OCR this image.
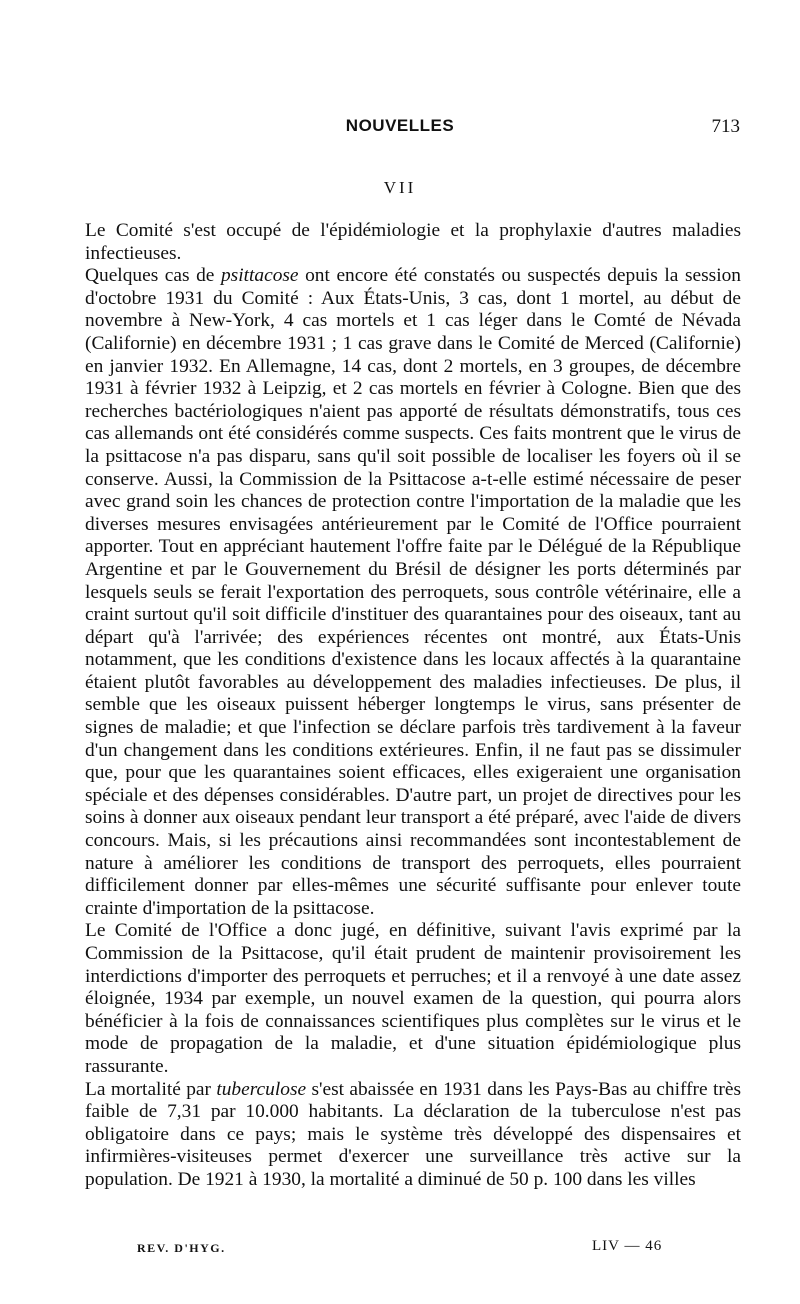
NOUVELLES	713
VII

Le Comité s'est occupé de l'épidémiologie et la prophylaxie d'autres maladies infectieuses.

Quelques cas de psittacose ont encore été constatés ou suspectés depuis la session d'octobre 1931 du Comité : Aux États-Unis, 3 cas, dont 1 mortel, au début de novembre à New-York, 4 cas mortels et 1 cas léger dans le Comté de Névada (Californie) en décembre 1931 ; 1 cas grave dans le Comité de Merced (Californie) en janvier 1932. En Allemagne, 14 cas, dont 2 mortels, en 3 groupes, de décembre 1931 à février 1932 à Leipzig, et 2 cas mortels en février à Cologne. Bien que des recherches bactériologiques n'aient pas apporté de résultats démonstratifs, tous ces cas allemands ont été considérés comme suspects. Ces faits montrent que le virus de la psittacose n'a pas disparu, sans qu'il soit possible de localiser les foyers où il se conserve. Aussi, la Commission de la Psittacose a-t-elle estimé nécessaire de peser avec grand soin les chances de protection contre l'importation de la maladie que les diverses mesures envisagées antérieurement par le Comité de l'Office pourraient apporter. Tout en appréciant hautement l'offre faite par le Délégué de la République Argentine et par le Gouvernement du Brésil de désigner les ports déterminés par lesquels seuls se ferait l'exportation des perroquets, sous contrôle vétérinaire, elle a craint surtout qu'il soit difficile d'instituer des quarantaines pour des oiseaux, tant au départ qu'à l'arrivée; des expériences récentes ont montré, aux États-Unis notamment, que les conditions d'existence dans les locaux affectés à la quarantaine étaient plutôt favorables au développement des maladies infectieuses. De plus, il semble que les oiseaux puissent héberger longtemps le virus, sans présenter de signes de maladie; et que l'infection se déclare parfois très tardivement à la faveur d'un changement dans les conditions extérieures. Enfin, il ne faut pas se dissimuler que, pour que les quarantaines soient efficaces, elles exigeraient une organisation spéciale et des dépenses considérables. D'autre part, un projet de directives pour les soins à donner aux oiseaux pendant leur transport a été préparé, avec l'aide de divers concours. Mais, si les précautions ainsi recommandées sont incontestablement de nature à améliorer les conditions de transport des perroquets, elles pourraient difficilement donner par elles-mêmes une sécurité suffisante pour enlever toute crainte d'importation de la psittacose.

Le Comité de l'Office a donc jugé, en définitive, suivant l'avis exprimé par la Commission de la Psittacose, qu'il était prudent de maintenir provisoirement les interdictions d'importer des perroquets et perruches; et il a renvoyé à une date assez éloignée, 1934 par exemple, un nouvel examen de la question, qui pourra alors bénéficier à la fois de connaissances scientifiques plus complètes sur le virus et le mode de propagation de la maladie, et d'une situation épidémiologique plus rassurante.

La mortalité par tuberculose s'est abaissée en 1931 dans les Pays-Bas au chiffre très faible de 7,31 par 10.000 habitants. La déclaration de la tuberculose n'est pas obligatoire dans ce pays; mais le système très développé des dispensaires et infirmières-visiteuses permet d'exercer une surveillance très active sur la population. De 1921 à 1930, la mortalité a diminué de 50 p. 100 dans les villes

REV. D'HYG.	LIV — 46
